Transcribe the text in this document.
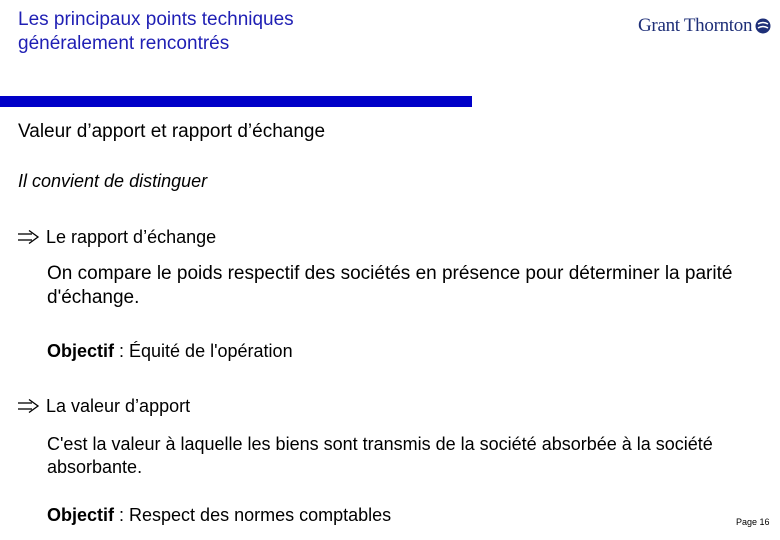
Les principaux points techniques
généralement rencontrés
Grant Thornton
Valeur d’apport et rapport d’échange
Il convient de distinguer
Le rapport d’échange
On compare le poids respectif des sociétés en présence pour déterminer la parité d'échange.
Objectif : Équité de l'opération
La valeur d’apport
C'est la valeur à laquelle les biens sont transmis de la société absorbée à la société absorbante.
Objectif : Respect des normes comptables	Page 16
